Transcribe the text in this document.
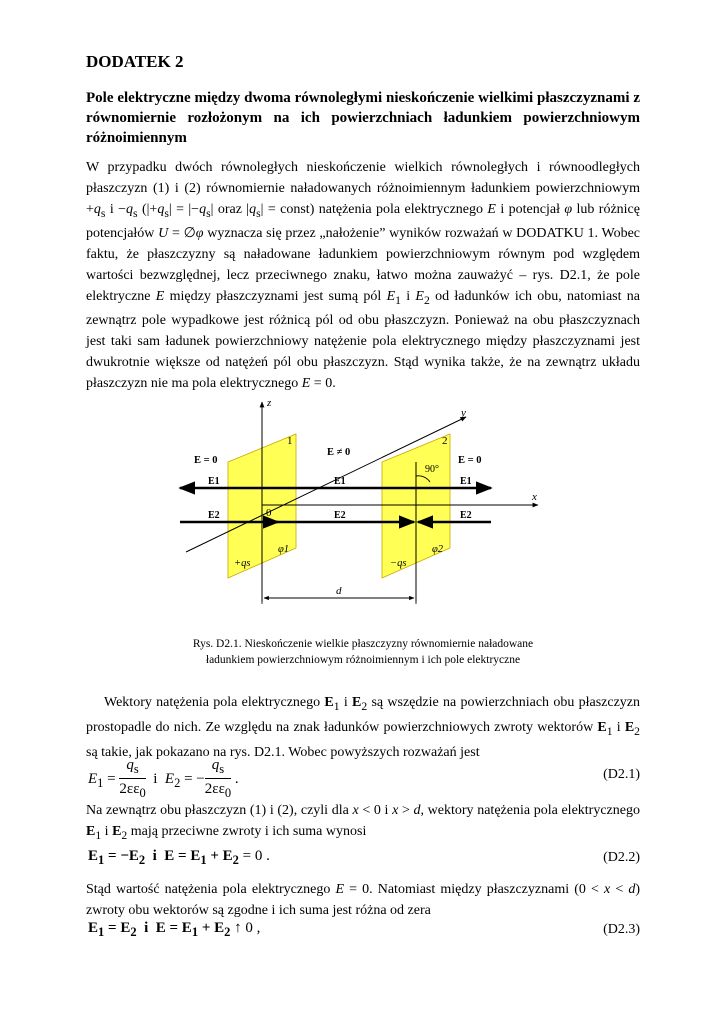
DODATEK 2

Pole elektryczne między dwoma równoległymi nieskończenie wielkimi płaszczyznami z równomiernie rozłożonym na ich powierzchniach ładunkiem powierzchniowym różnoimiennym

W przypadku dwóch równoległych nieskończenie wielkich równoległych i równoodległych płaszczyzn (1) i (2) równomiernie naładowanych różnoimiennym ładunkiem powierzchniowym $+q_s$ $i -q_s$ ($|+q_s| = |-q_s|$ oraz $|q_s|$ = const) natężenia pola elektrycznego E i potencjał φ lub różnicę potencjałów U = ∅φ wyznacza się przez „nałożenie” wyników rozważań w DODATKU 1. Wobec faktu, że płaszczyzny są naładowane ładunkiem powierzchniowym równym pod względem wartości bezwzględnej, lecz przeciwnego znaku, łatwo można zauważyć – rys. D2.1, że pole elektryczne E między płaszczyznami jest sumą pól $E_1$ i $E_2$ od ładunków ich obu, natomiast na zewnątrz pole wypadkowe jest różnicą pól od obu płaszczyzn. Ponieważ na obu płaszczyznach jest taki sam ładunek powierzchniowy natężenie pola elektrycznego między płaszczyznami jest dwukrotnie większe od natężeń pól obu płaszczyzn. Stąd wynika także, że na zewnątrz układu płaszczyzn nie ma pola elektrycznego E = 0.

Rys. D2.1. Nieskończenie wielkie płaszczyzny równomiernie naładowane
ładunkiem powierzchniowym różnoimiennym i ich pole elektryczne

Wektory natężenia pola elektrycznego $E_1$ i $E_2$ są wszędzie na powierzchniach obu płaszczyzn prostopadle do nich. Ze względu na znak ładunków powierzchniowych zwroty wektorów $E_1$ i $E_2$ są takie, jak pokazano na rys. D2.1. Wobec powyższych rozważań jest

$E_1 = \frac{q_s}{2\varepsilon\varepsilon_0}$ i  $E_2$ = − $\frac{q_s}{2\varepsilon\varepsilon_0}$ .	(D2.1)

Na zewnątrz obu płaszczyzn (1) i (2), czyli dla x < 0 i x > d, wektory natężenia pola elektrycznego $E_1$ i $E_2$ mają przeciwne zwroty i ich suma wynosi

$E_1 = -E_2$  i  $E = E_1 + E_2 = 0$ .	(D2.2)

Stąd wartość natężenia pola elektrycznego E = 0. Natomiast między płaszczyznami (0 < x < d) zwroty obu wektorów są zgodne i ich suma jest różna od zera

$E_1 = E_2$  i  $E = E_1 + E_2$ ↑ 0 ,	(D2.3)
z
y
x
1	2
E = 0
E ≠ 0
E = 0
90°
E1	E1	E1
E2	E2	E2
0
φ1	φ2
+qs	−qs
d
